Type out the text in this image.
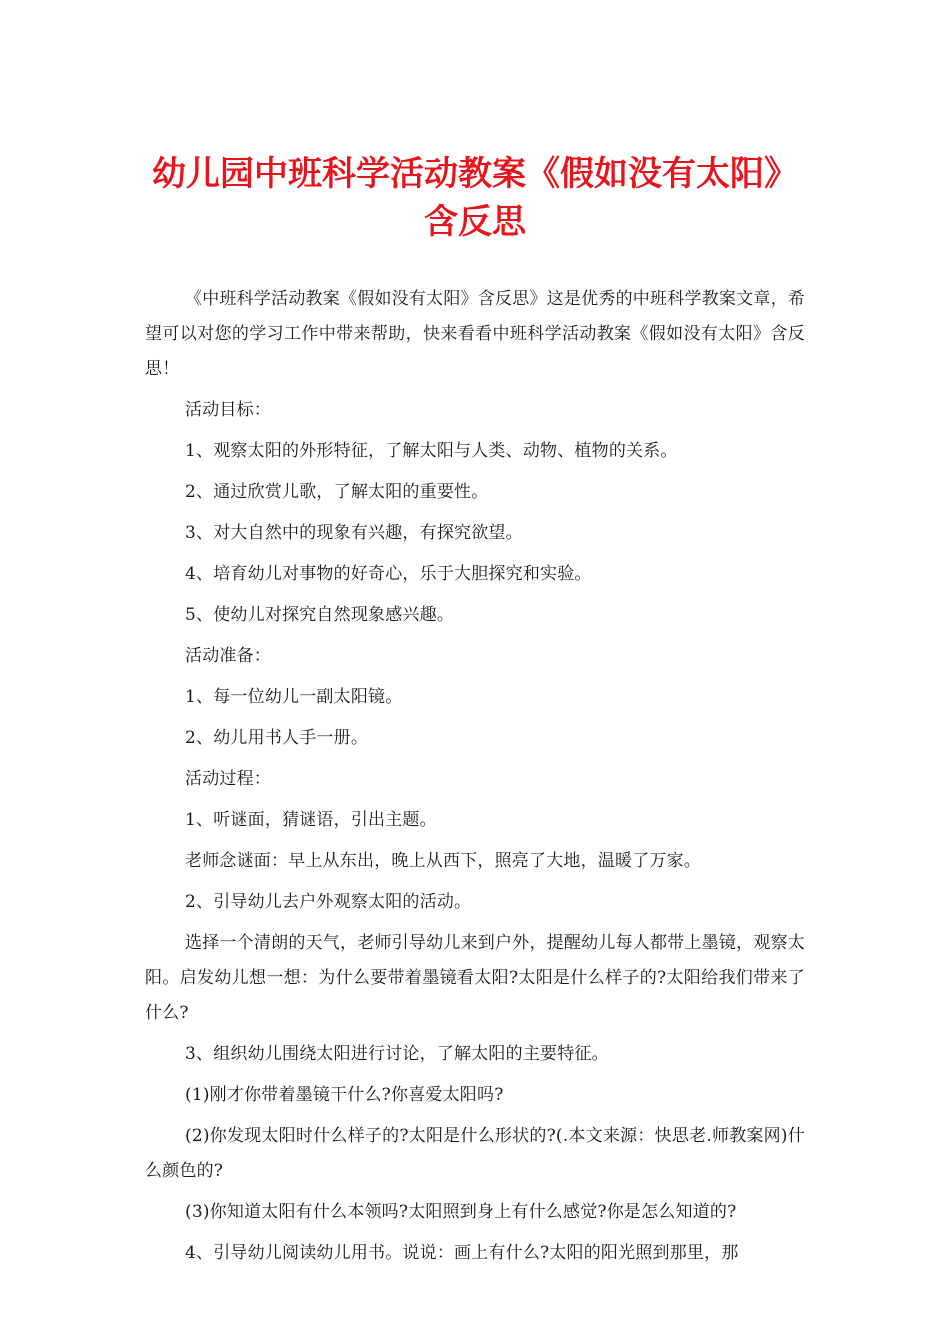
幼儿园中班科学活动教案《假如没有太阳》
含反思

《中班科学活动教案《假如没有太阳》含反思》这是优秀的中班科学教案文章，希望可以对您的学习工作中带来帮助，快来看看中班科学活动教案《假如没有太阳》含反思！

活动目标：

1、观察太阳的外形特征，了解太阳与人类、动物、植物的关系。

2、通过欣赏儿歌，了解太阳的重要性。

3、对大自然中的现象有兴趣，有探究欲望。

4、培育幼儿对事物的好奇心，乐于大胆探究和实验。

5、使幼儿对探究自然现象感兴趣。

活动准备：

1、每一位幼儿一副太阳镜。

2、幼儿用书人手一册。

活动过程：

1、听谜面，猜谜语，引出主题。

老师念谜面：早上从东出，晚上从西下，照亮了大地，温暖了万家。

2、引导幼儿去户外观察太阳的活动。

选择一个清朗的天气，老师引导幼儿来到户外，提醒幼儿每人都带上墨镜，观察太阳。启发幼儿想一想：为什么要带着墨镜看太阳?太阳是什么样子的?太阳给我们带来了什么?

3、组织幼儿围绕太阳进行讨论，了解太阳的主要特征。

(1)刚才你带着墨镜干什么?你喜爱太阳吗?

(2)你发现太阳时什么样子的?太阳是什么形状的?(.本文来源：快思老.师教案网)什么颜色的?

(3)你知道太阳有什么本领吗?太阳照到身上有什么感觉?你是怎么知道的?

4、引导幼儿阅读幼儿用书。说说：画上有什么?太阳的阳光照到那里，那
